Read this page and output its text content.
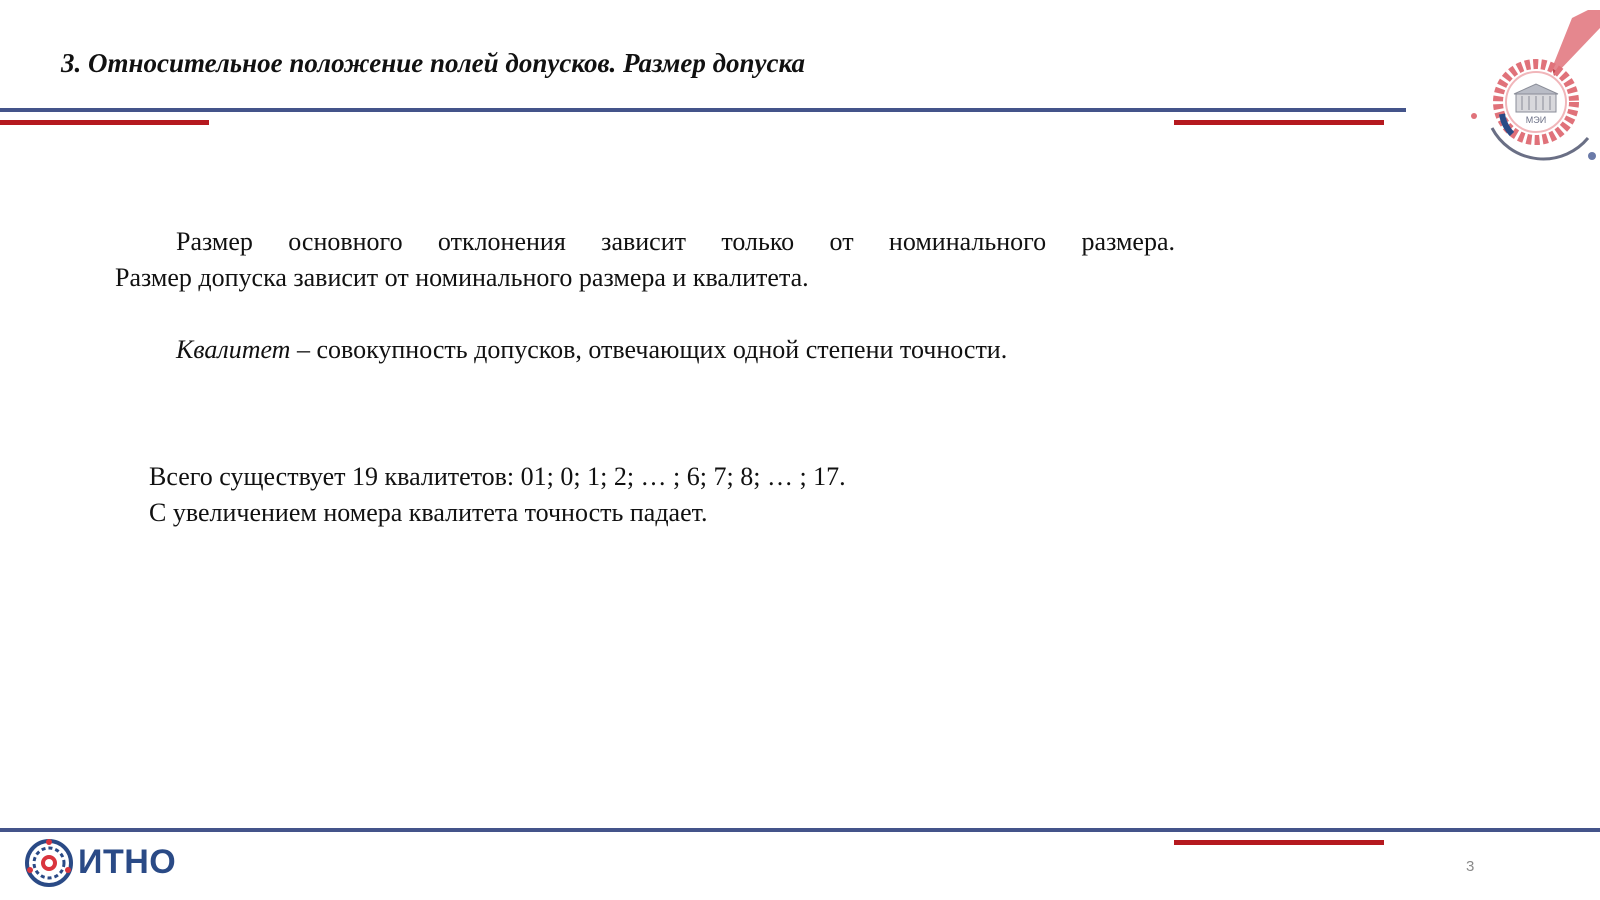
3. Относительное положение полей допусков. Размер допуска
МЭИ
Размер основного отклонения зависит только от номинального размера.
Размер допуска зависит от номинального размера и квалитета.
Квалитет – совокупность допусков, отвечающих одной степени точности.
Всего существует 19 квалитетов: 01; 0; 1; 2; … ; 6; 7; 8; … ; 17.
С увеличением номера квалитета точность падает.
ИТНО	3
